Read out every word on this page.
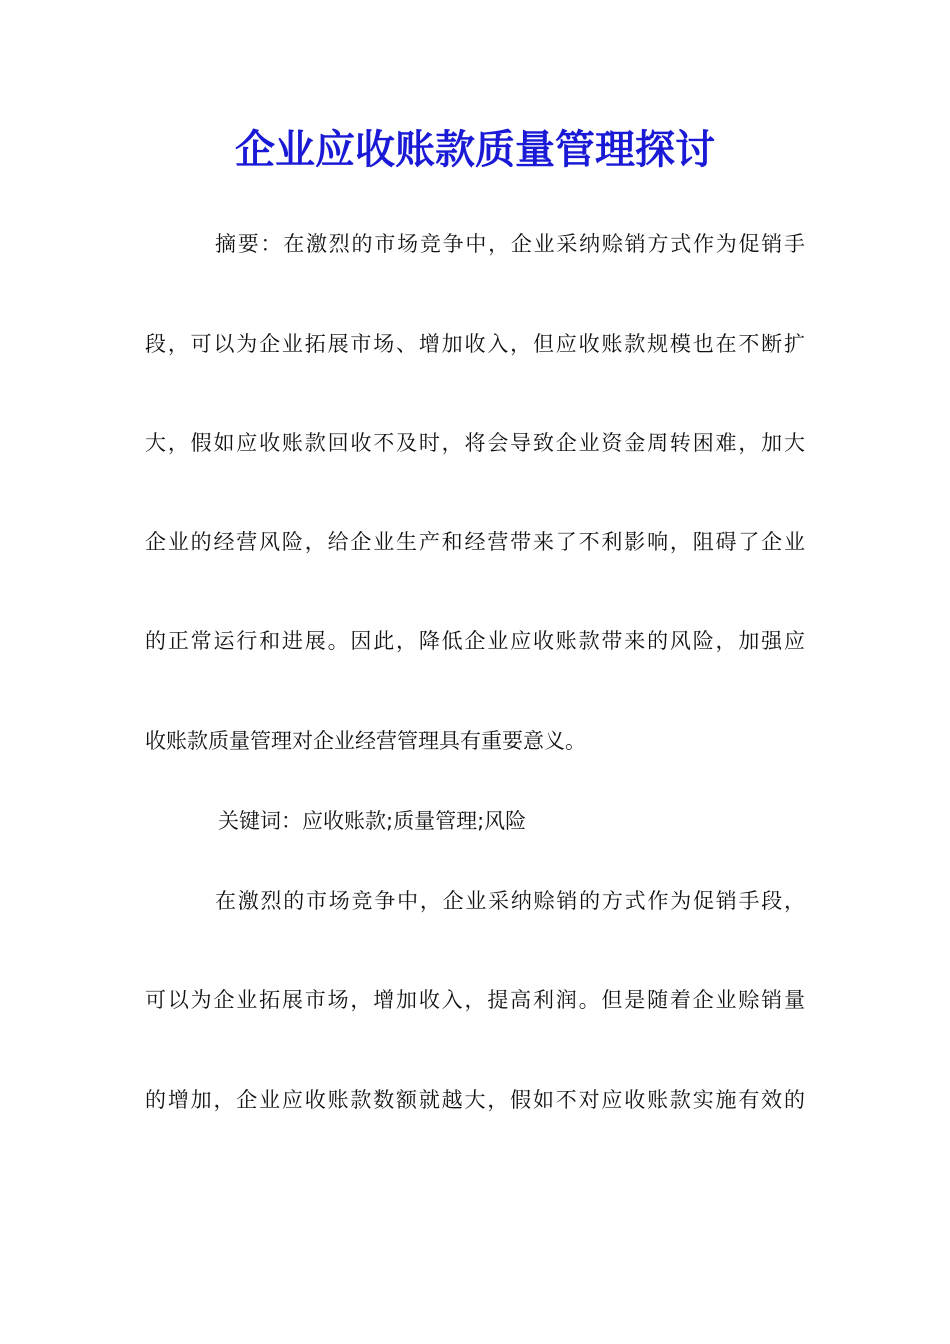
企业应收账款质量管理探讨
摘要：在激烈的市场竞争中，企业采纳赊销方式作为促销手
段，可以为企业拓展市场、增加收入，但应收账款规模也在不断扩
大，假如应收账款回收不及时，将会导致企业资金周转困难，加大
企业的经营风险，给企业生产和经营带来了不利影响，阻碍了企业
的正常运行和进展。因此，降低企业应收账款带来的风险，加强应
收账款质量管理对企业经营管理具有重要意义。
关键词：应收账款;质量管理;风险
在激烈的市场竞争中，企业采纳赊销的方式作为促销手段，
可以为企业拓展市场，增加收入，提高利润。但是随着企业赊销量
的增加，企业应收账款数额就越大，假如不对应收账款实施有效的
